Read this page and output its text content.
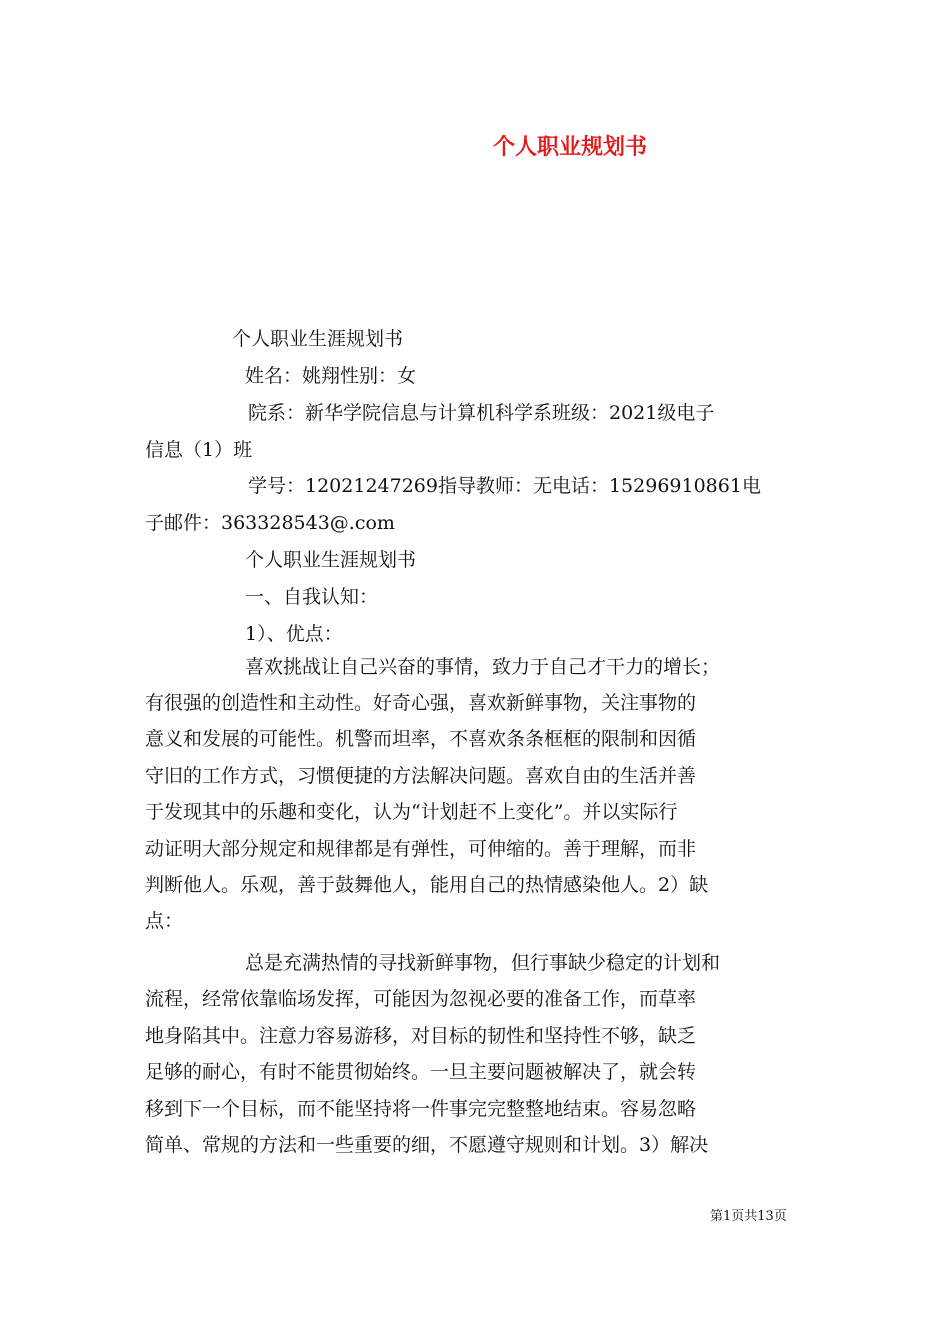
个人职业规划书
个人职业生涯规划书
姓名：姚翔性别：女
院系：新华学院信息与计算机科学系班级：2021级电子
信息（1）班
学号：12021247269指导教师：无电话：15296910861电
子邮件：363328543@.com
个人职业生涯规划书
一、自我认知：
1）、优点：
喜欢挑战让自己兴奋的事情，致力于自己才干力的增长；
有很强的创造性和主动性。好奇心强，喜欢新鲜事物，关注事物的
意义和发展的可能性。机警而坦率，不喜欢条条框框的限制和因循
守旧的工作方式，习惯便捷的方法解决问题。喜欢自由的生活并善
于发现其中的乐趣和变化，认为“计划赶不上变化”。并以实际行
动证明大部分规定和规律都是有弹性，可伸缩的。善于理解，而非
判断他人。乐观，善于鼓舞他人，能用自己的热情感染他人。2）缺
点：
总是充满热情的寻找新鲜事物，但行事缺少稳定的计划和
流程，经常依靠临场发挥，可能因为忽视必要的准备工作，而草率
地身陷其中。注意力容易游移，对目标的韧性和坚持性不够，缺乏
足够的耐心，有时不能贯彻始终。一旦主要问题被解决了，就会转
移到下一个目标，而不能坚持将一件事完完整整地结束。容易忽略
简单、常规的方法和一些重要的细，不愿遵守规则和计划。3）解决
第1页共13页
